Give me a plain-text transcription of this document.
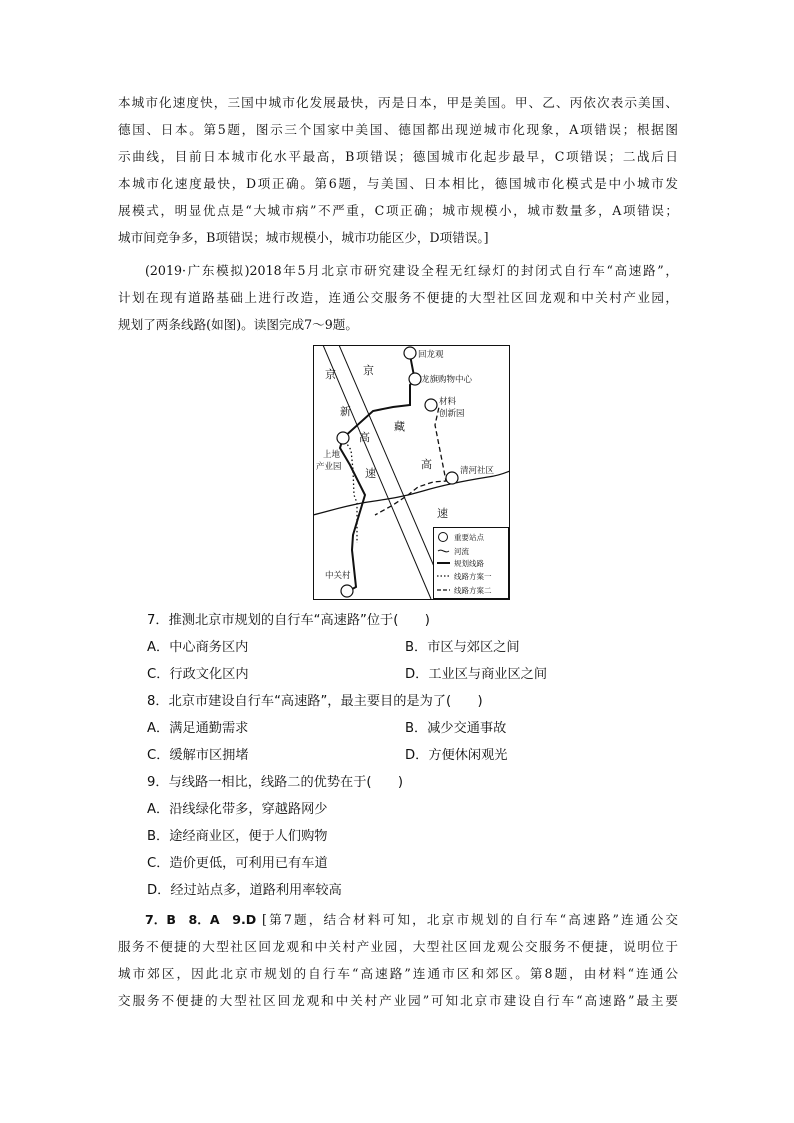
本城市化速度快，三国中城市化发展最快，丙是日本，甲是美国。甲、乙、丙依次表示美国、
德国、日本。第5题，图示三个国家中美国、德国都出现逆城市化现象，A项错误；根据图
示曲线，目前日本城市化水平最高，B项错误；德国城市化起步最早，C项错误；二战后日
本城市化速度最快，D项正确。第6题，与美国、日本相比，德国城市化模式是中小城市发
展模式，明显优点是“大城市病”不严重，C项正确；城市规模小，城市数量多，A项错误；
城市间竞争多，B项错误；城市规模小，城市功能区少，D项错误。]
(2019·广东模拟)2018年5月北京市研究建设全程无红绿灯的封闭式自行车“高速路”，
计划在现有道路基础上进行改造，连通公交服务不便捷的大型社区回龙观和中关村产业园，
规划了两条线路(如图)。读图完成7～9题。
回龙观
龙旗购物中心
材料
创新园
上地
产业园	清河社区
中关村
京 京
新
藏
高
高
速
速
重要站点
河流
规划线路
线路方案一
线路方案二
7．推测北京市规划的自行车“高速路”位于(　　)
A．中心商务区内	B．市区与郊区之间
C．行政文化区内	D．工业区与商业区之间
8．北京市建设自行车“高速路”，最主要目的是为了(　　)
A．满足通勤需求	B．减少交通事故
C．缓解市区拥堵	D．方便休闲观光
9．与线路一相比，线路二的优势在于(　　)
A．沿线绿化带多，穿越路网少
B．途经商业区，便于人们购物
C．造价更低，可利用已有车道
D．经过站点多，道路利用率较高
7．B　8．A　9.D [第7题，结合材料可知，北京市规划的自行车“高速路”连通公交
服务不便捷的大型社区回龙观和中关村产业园，大型社区回龙观公交服务不便捷，说明位于
城市郊区，因此北京市规划的自行车“高速路”连通市区和郊区。第8题，由材料“连通公
交服务不便捷的大型社区回龙观和中关村产业园”可知北京市建设自行车“高速路”最主要
